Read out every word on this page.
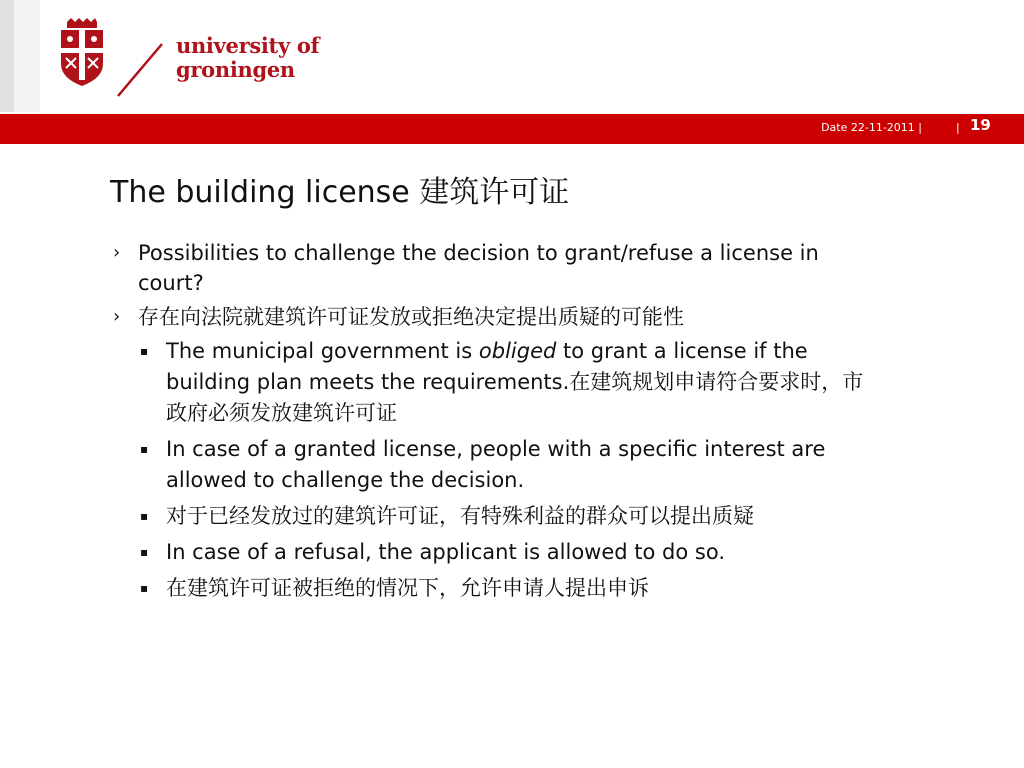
university of
groningen
Date 22-11-2011 |	| 19
The building license 建筑许可证
› Possibilities to challenge the decision to grant/refuse a license in court?
› 存在向法院就建筑许可证发放或拒绝决定提出质疑的可能性
▪ The municipal government is obliged to grant a license if the building plan meets the requirements.在建筑规划申请符合要求时，市政府必须发放建筑许可证
▪ In case of a granted license, people with a specific interest are allowed to challenge the decision.
▪ 对于已经发放过的建筑许可证，有特殊利益的群众可以提出质疑
▪ In case of a refusal, the applicant is allowed to do so.
▪ 在建筑许可证被拒绝的情况下，允许申请人提出申诉
